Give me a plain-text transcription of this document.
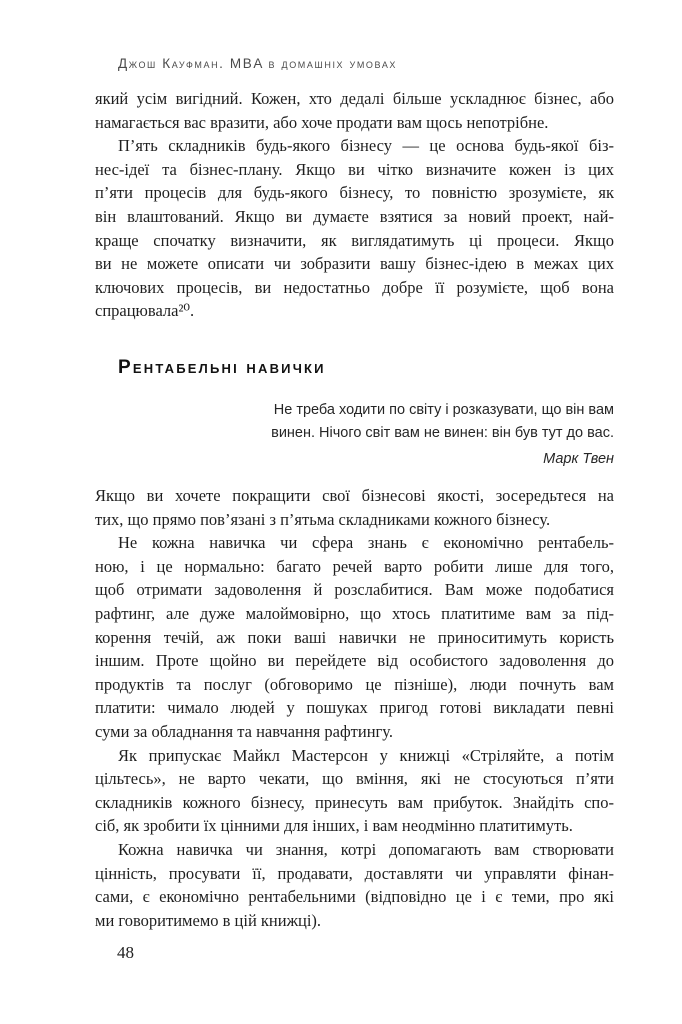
Джош Кауфман. MBA в домашніх умовах

який усім вигідний. Кожен, хто дедалі більше ускладнює бізнес, або
намагається вас вразити, або хоче продати вам щось непотрібне.

П’ять складників будь-якого бізнесу — це основа будь-якої біз-
нес-ідеї та бізнес-плану. Якщо ви чітко визначите кожен із цих
п’яти процесів для будь-якого бізнесу, то повністю зрозумієте, як
він влаштований. Якщо ви думаєте взятися за новий проект, най-
краще спочатку визначити, як виглядатимуть ці процеси. Якщо
ви не можете описати чи зобразити вашу бізнес-ідею в межах цих
ключових процесів, ви недостатньо добре її розумієте, щоб вона
спрацювала²⁰.

Рентабельні навички
Не треба ходити по світу і розказувати, що він вам
винен. Нічого світ вам не винен: він був тут до вас.
Марк Твен

Якщо ви хочете покращити свої бізнесові якості, зосередьтеся на
тих, що прямо пов’язані з п’ятьма складниками кожного бізнесу.

Не кожна навичка чи сфера знань є економічно рентабель-
ною, і це нормально: багато речей варто робити лише для того,
щоб отримати задоволення й розслабитися. Вам може подобатися
рафтинг, але дуже малоймовірно, що хтось платитиме вам за під-
корення течій, аж поки ваші навички не приноситимуть користь
іншим. Проте щойно ви перейдете від особистого задоволення до
продуктів та послуг (обговоримо це пізніше), люди почнуть вам
платити: чимало людей у пошуках пригод готові викладати певні
суми за обладнання та навчання рафтингу.

Як припускає Майкл Мастерсон у книжці «Стріляйте, а потім
цільтесь», не варто чекати, що вміння, які не стосуються п’яти
складників кожного бізнесу, принесуть вам прибуток. Знайдіть спо-
сіб, як зробити їх цінними для інших, і вам неодмінно платитимуть.

Кожна навичка чи знання, котрі допомагають вам створювати
цінність, просувати її, продавати, доставляти чи управляти фінан-
сами, є економічно рентабельними (відповідно це і є теми, про які
ми говоритимемо в цій книжці).

48
